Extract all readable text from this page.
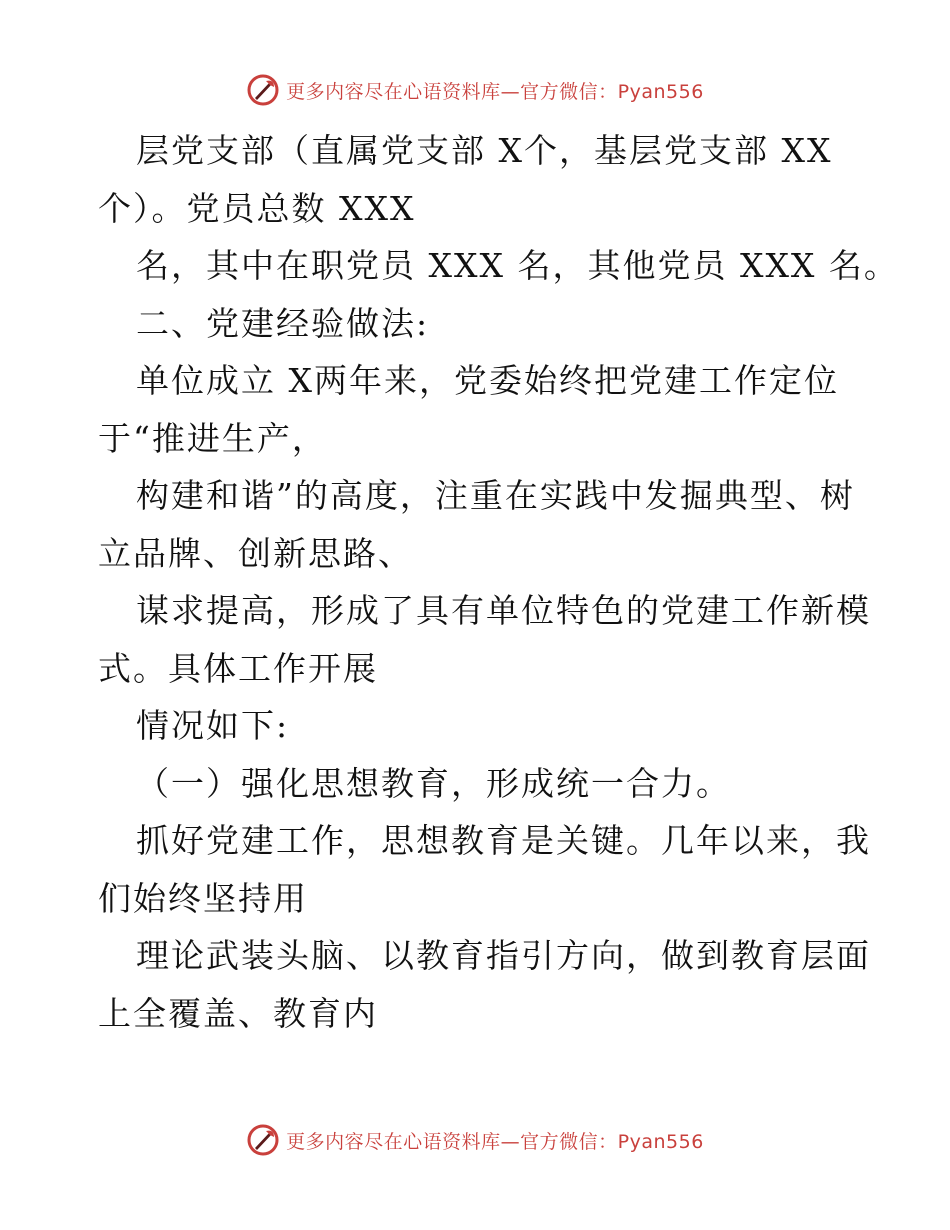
更多内容尽在心语资料库—官方微信：Pyan556
层党支部（直属党支部 X个，基层党支部 XX
个）。党员总数 XXX
名，其中在职党员 XXX 名，其他党员 XXX 名。
二、党建经验做法:
单位成立 X两年来，党委始终把党建工作定位
于“推进生产，
构建和谐”的高度，注重在实践中发掘典型、树
立品牌、创新思路、
谋求提高，形成了具有单位特色的党建工作新模
式。具体工作开展
情况如下:
（一）强化思想教育，形成统一合力。
抓好党建工作，思想教育是关键。几年以来，我
们始终坚持用
理论武装头脑、以教育指引方向，做到教育层面
上全覆盖、教育内
更多内容尽在心语资料库—官方微信：Pyan556
